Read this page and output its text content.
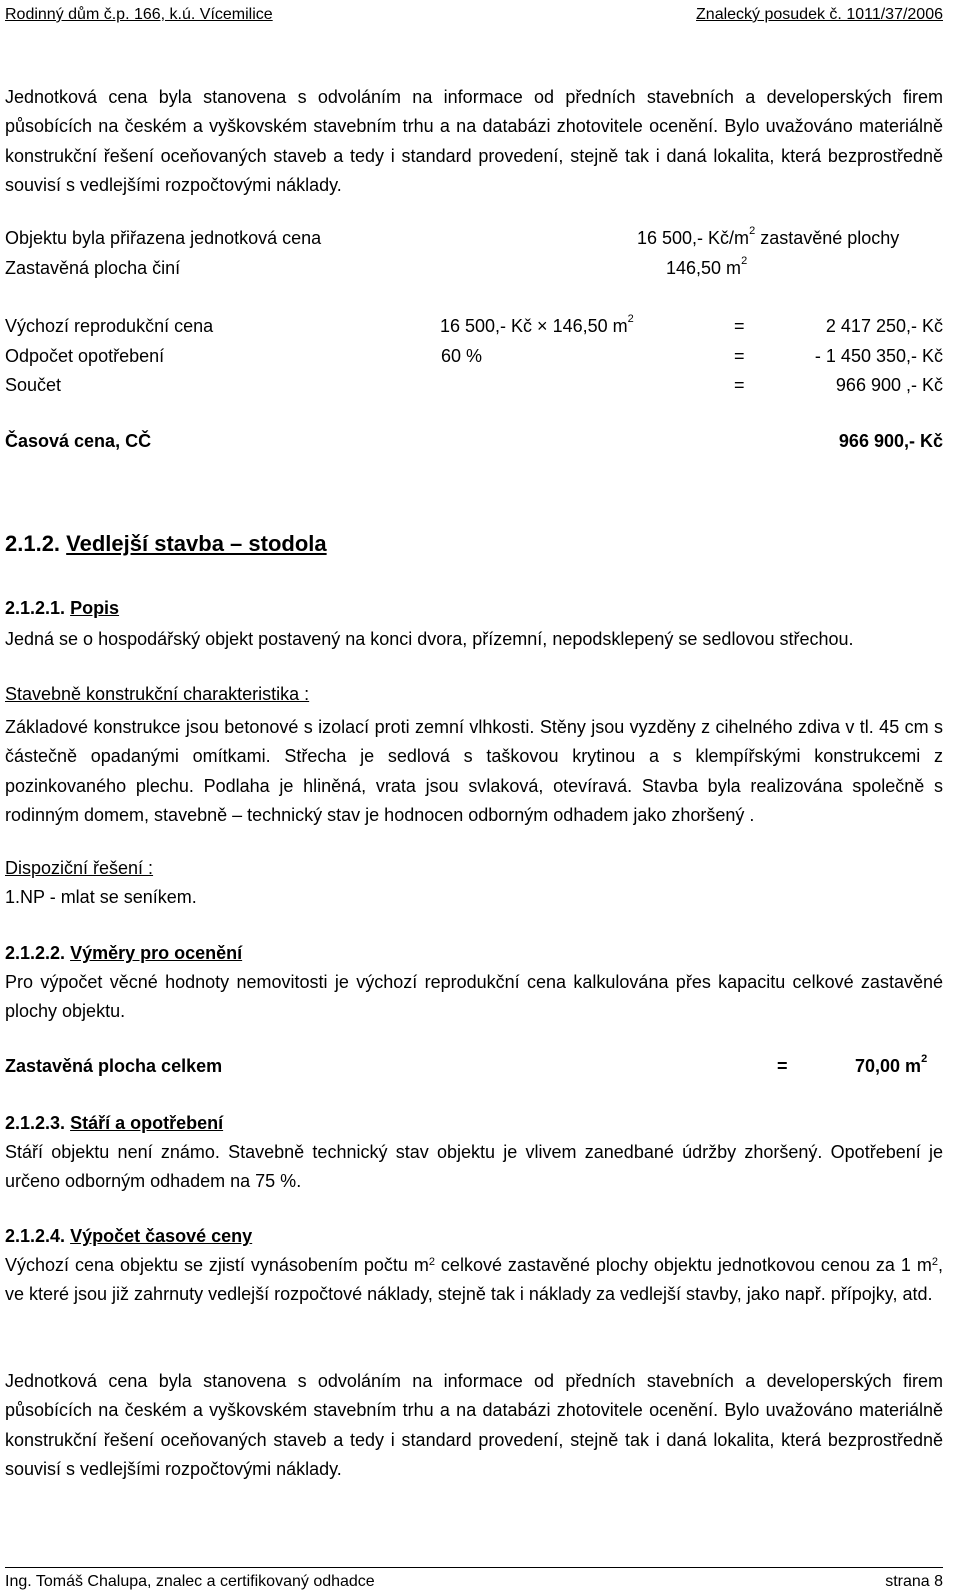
Rodinný dům č.p. 166, k.ú. Vícemilice	Znalecký posudek č. 1011/37/2006
Jednotková cena byla stanovena s odvoláním na informace od předních stavebních a developerských firem působících na českém a vyškovském stavebním trhu a na databázi zhotovitele ocenění. Bylo uvažováno materiálně konstrukční řešení oceňovaných staveb a tedy i standard provedení, stejně tak i daná lokalita, která bezprostředně souvisí s vedlejšími rozpočtovými náklady.
Objektu byla přiřazena jednotková cena	16 500,- $Kč/m^2$ zastavěné plochy
Zastavěná plocha činí	146,50 $m^2$
Výchozí reprodukční cena	16 500,- Kč × 146,50 $m^2$	=	2 417 250,- Kč
Odpočet opotřebení	60 %	=	- 1 450 350,- Kč
Součet	=	966 900 ,- Kč
Časová cena, CČ	966 900,- Kč
2.1.2. Vedlejší stavba – stodola
2.1.2.1. Popis
Jedná se o hospodářský objekt postavený na konci dvora, přízemní, nepodsklepený se sedlovou střechou.
Stavebně konstrukční charakteristika :
Základové konstrukce jsou betonové s izolací proti zemní vlhkosti. Stěny jsou vyzděny z cihelného zdiva v tl. 45 cm s částečně opadanými omítkami. Střecha je sedlová s taškovou krytinou a s klempířskými konstrukcemi z pozinkovaného plechu. Podlaha je hliněná, vrata jsou svlaková, otevíravá. Stavba byla realizována společně s rodinným domem, stavebně – technický stav je hodnocen odborným odhadem jako zhoršený .
Dispoziční řešení :
1.NP - mlat se seníkem.
2.1.2.2. Výměry pro ocenění
Pro výpočet věcné hodnoty nemovitosti je výchozí reprodukční cena kalkulována přes kapacitu celkové zastavěné plochy objektu.
Zastavěná plocha celkem	=	70,00 $m^2$
2.1.2.3. Stáří a opotřebení
Stáří objektu není známo. Stavebně technický stav objektu je vlivem zanedbané údržby zhoršený. Opotřebení je určeno odborným odhadem na 75 %.
2.1.2.4. Výpočet časové ceny
Výchozí cena objektu se zjistí vynásobením počtu $m^2$ celkové zastavěné plochy objektu jednotkovou cenou za 1 $m^2$, ve které jsou již zahrnuty vedlejší rozpočtové náklady, stejně tak i náklady za vedlejší stavby, jako např. přípojky, atd.
Jednotková cena byla stanovena s odvoláním na informace od předních stavebních a developerských firem působících na českém a vyškovském stavebním trhu a na databázi zhotovitele ocenění. Bylo uvažováno materiálně konstrukční řešení oceňovaných staveb a tedy i standard provedení, stejně tak i daná lokalita, která bezprostředně souvisí s vedlejšími rozpočtovými náklady.
Ing. Tomáš Chalupa, znalec a certifikovaný odhadce	strana 8
